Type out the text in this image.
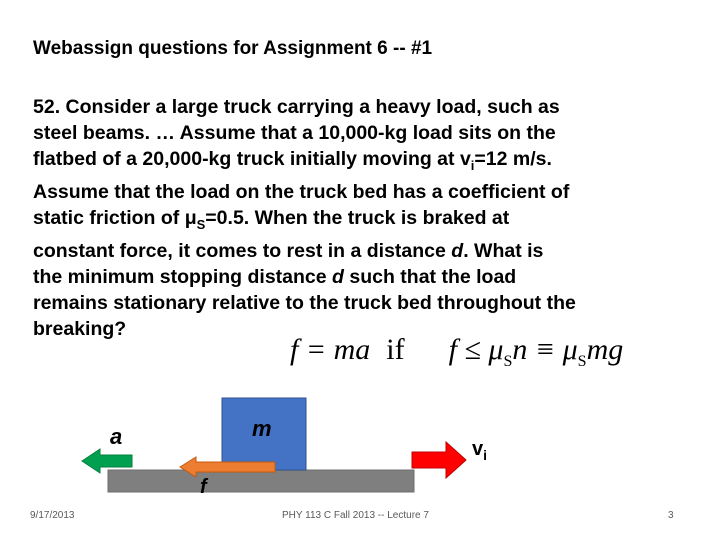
Webassign questions for Assignment 6 -- #1
52. Consider a large truck carrying a heavy load, such as
steel beams. … Assume that a 10,000-kg load sits on the
flatbed of a 20,000-kg truck initially moving at $v_i=12$ m/s.
Assume that the load on the truck bed has a coefficient of
static friction of $\mu_S=0.5$. When the truck is braked at
constant force, it comes to rest in a distance d. What is
the minimum stopping distance d such that the load
remains stationary relative to the truck bed throughout the
breaking?
f = ma if $f \le \mu_Sn \equiv \mu_Smg$
a	m
f
$v_i$
9/17/2013	PHY 113 C Fall 2013 -- Lecture 7	3
